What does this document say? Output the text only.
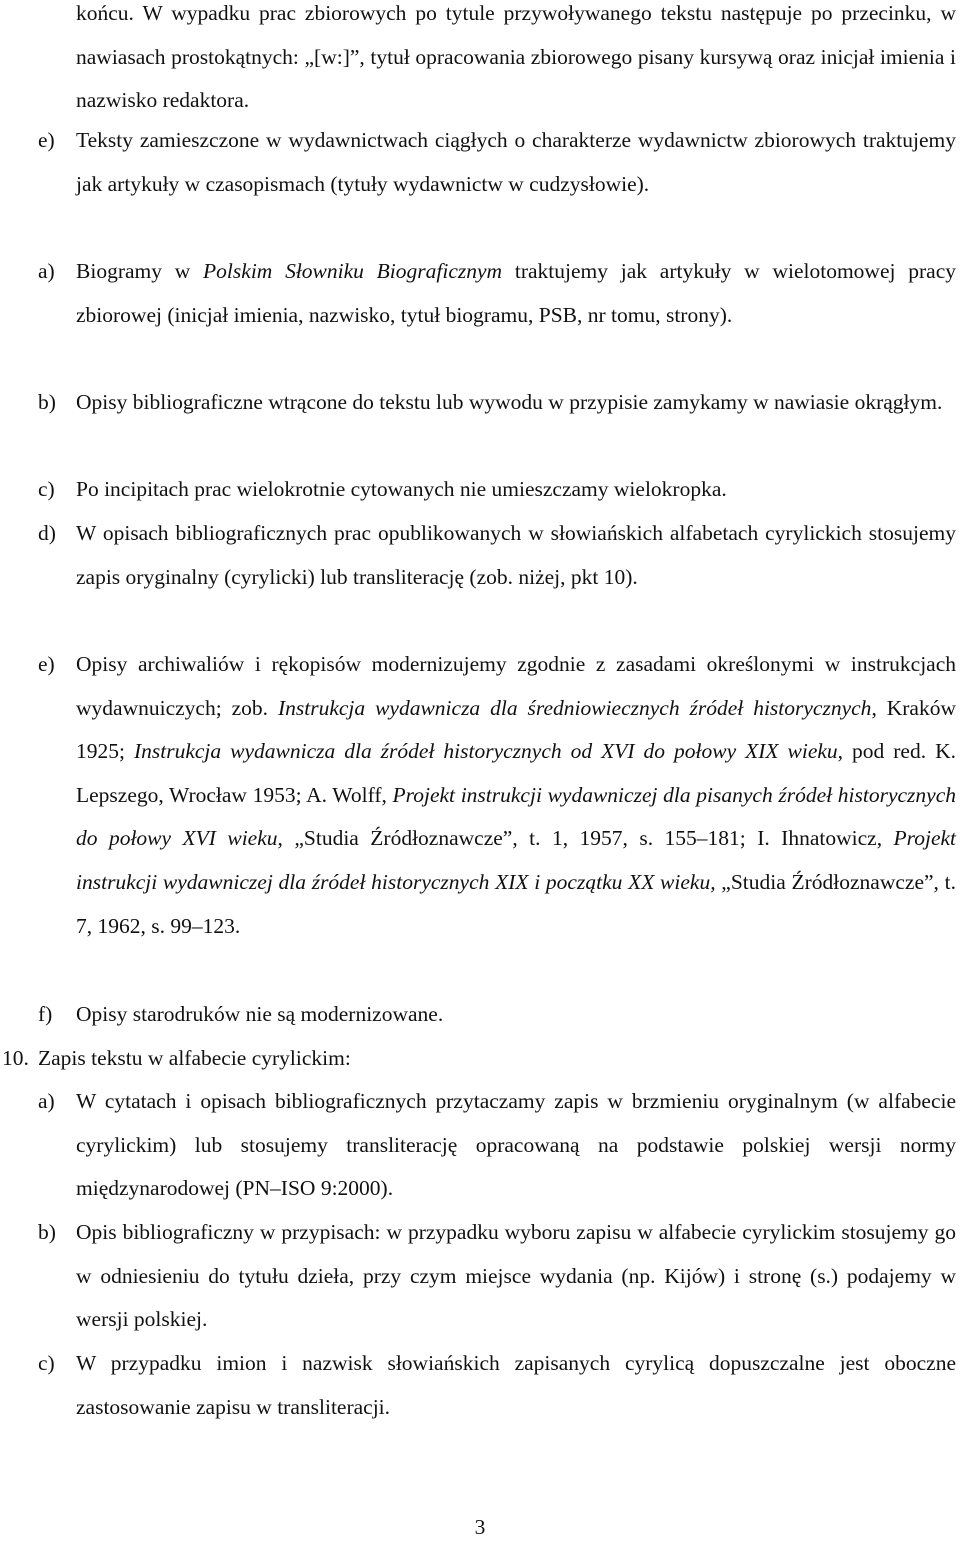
końcu. W wypadku prac zbiorowych po tytule przywoływanego tekstu następuje po przecinku, w nawiasach prostokątnych: „[w:]”, tytuł opracowania zbiorowego pisany kursywą oraz inicjał imienia i nazwisko redaktora.

e) Teksty zamieszczone w wydawnictwach ciągłych o charakterze wydawnictw zbiorowych traktujemy jak artykuły w czasopismach (tytuły wydawnictw w cudzysłowie).

a) Biogramy w Polskim Słowniku Biograficznym traktujemy jak artykuły w wielotomowej pracy zbiorowej (inicjał imienia, nazwisko, tytuł biogramu, PSB, nr tomu, strony).

b) Opisy bibliograficzne wtrącone do tekstu lub wywodu w przypisie zamykamy w nawiasie okrągłym.

c) Po incipitach prac wielokrotnie cytowanych nie umieszczamy wielokropka.

d) W opisach bibliograficznych prac opublikowanych w słowiańskich alfabetach cyrylickich stosujemy zapis oryginalny (cyrylicki) lub transliterację (zob. niżej, pkt 10).

e) Opisy archiwaliów i rękopisów modernizujemy zgodnie z zasadami określonymi w instrukcjach wydawnuiczych; zob. Instrukcja wydawnicza dla średniowiecznych źródeł historycznych, Kraków 1925; Instrukcja wydawnicza dla źródeł historycznych od XVI do połowy XIX wieku, pod red. K. Lepszego, Wrocław 1953; A. Wolff, Projekt instrukcji wydawniczej dla pisanych źródeł historycznych do połowy XVI wieku, „Studia Źródłoznawcze”, t. 1, 1957, s. 155–181; I. Ihnatowicz, Projekt instrukcji wydawniczej dla źródeł historycznych XIX i początku XX wieku, „Studia Źródłoznawcze”, t. 7, 1962, s. 99–123.

f) Opisy starodruków nie są modernizowane.

10. Zapis tekstu w alfabecie cyrylickim:

a) W cytatach i opisach bibliograficznych przytaczamy zapis w brzmieniu oryginalnym (w alfabecie cyrylickim) lub stosujemy transliterację opracowaną na podstawie polskiej wersji normy międzynarodowej (PN–ISO 9:2000).

b) Opis bibliograficzny w przypisach: w przypadku wyboru zapisu w alfabecie cyrylickim stosujemy go w odniesieniu do tytułu dzieła, przy czym miejsce wydania (np. Kijów) i stronę (s.) podajemy w wersji polskiej.

c) W przypadku imion i nazwisk słowiańskich zapisanych cyrylicą dopuszczalne jest oboczne zastosowanie zapisu w transliteracji.

3
